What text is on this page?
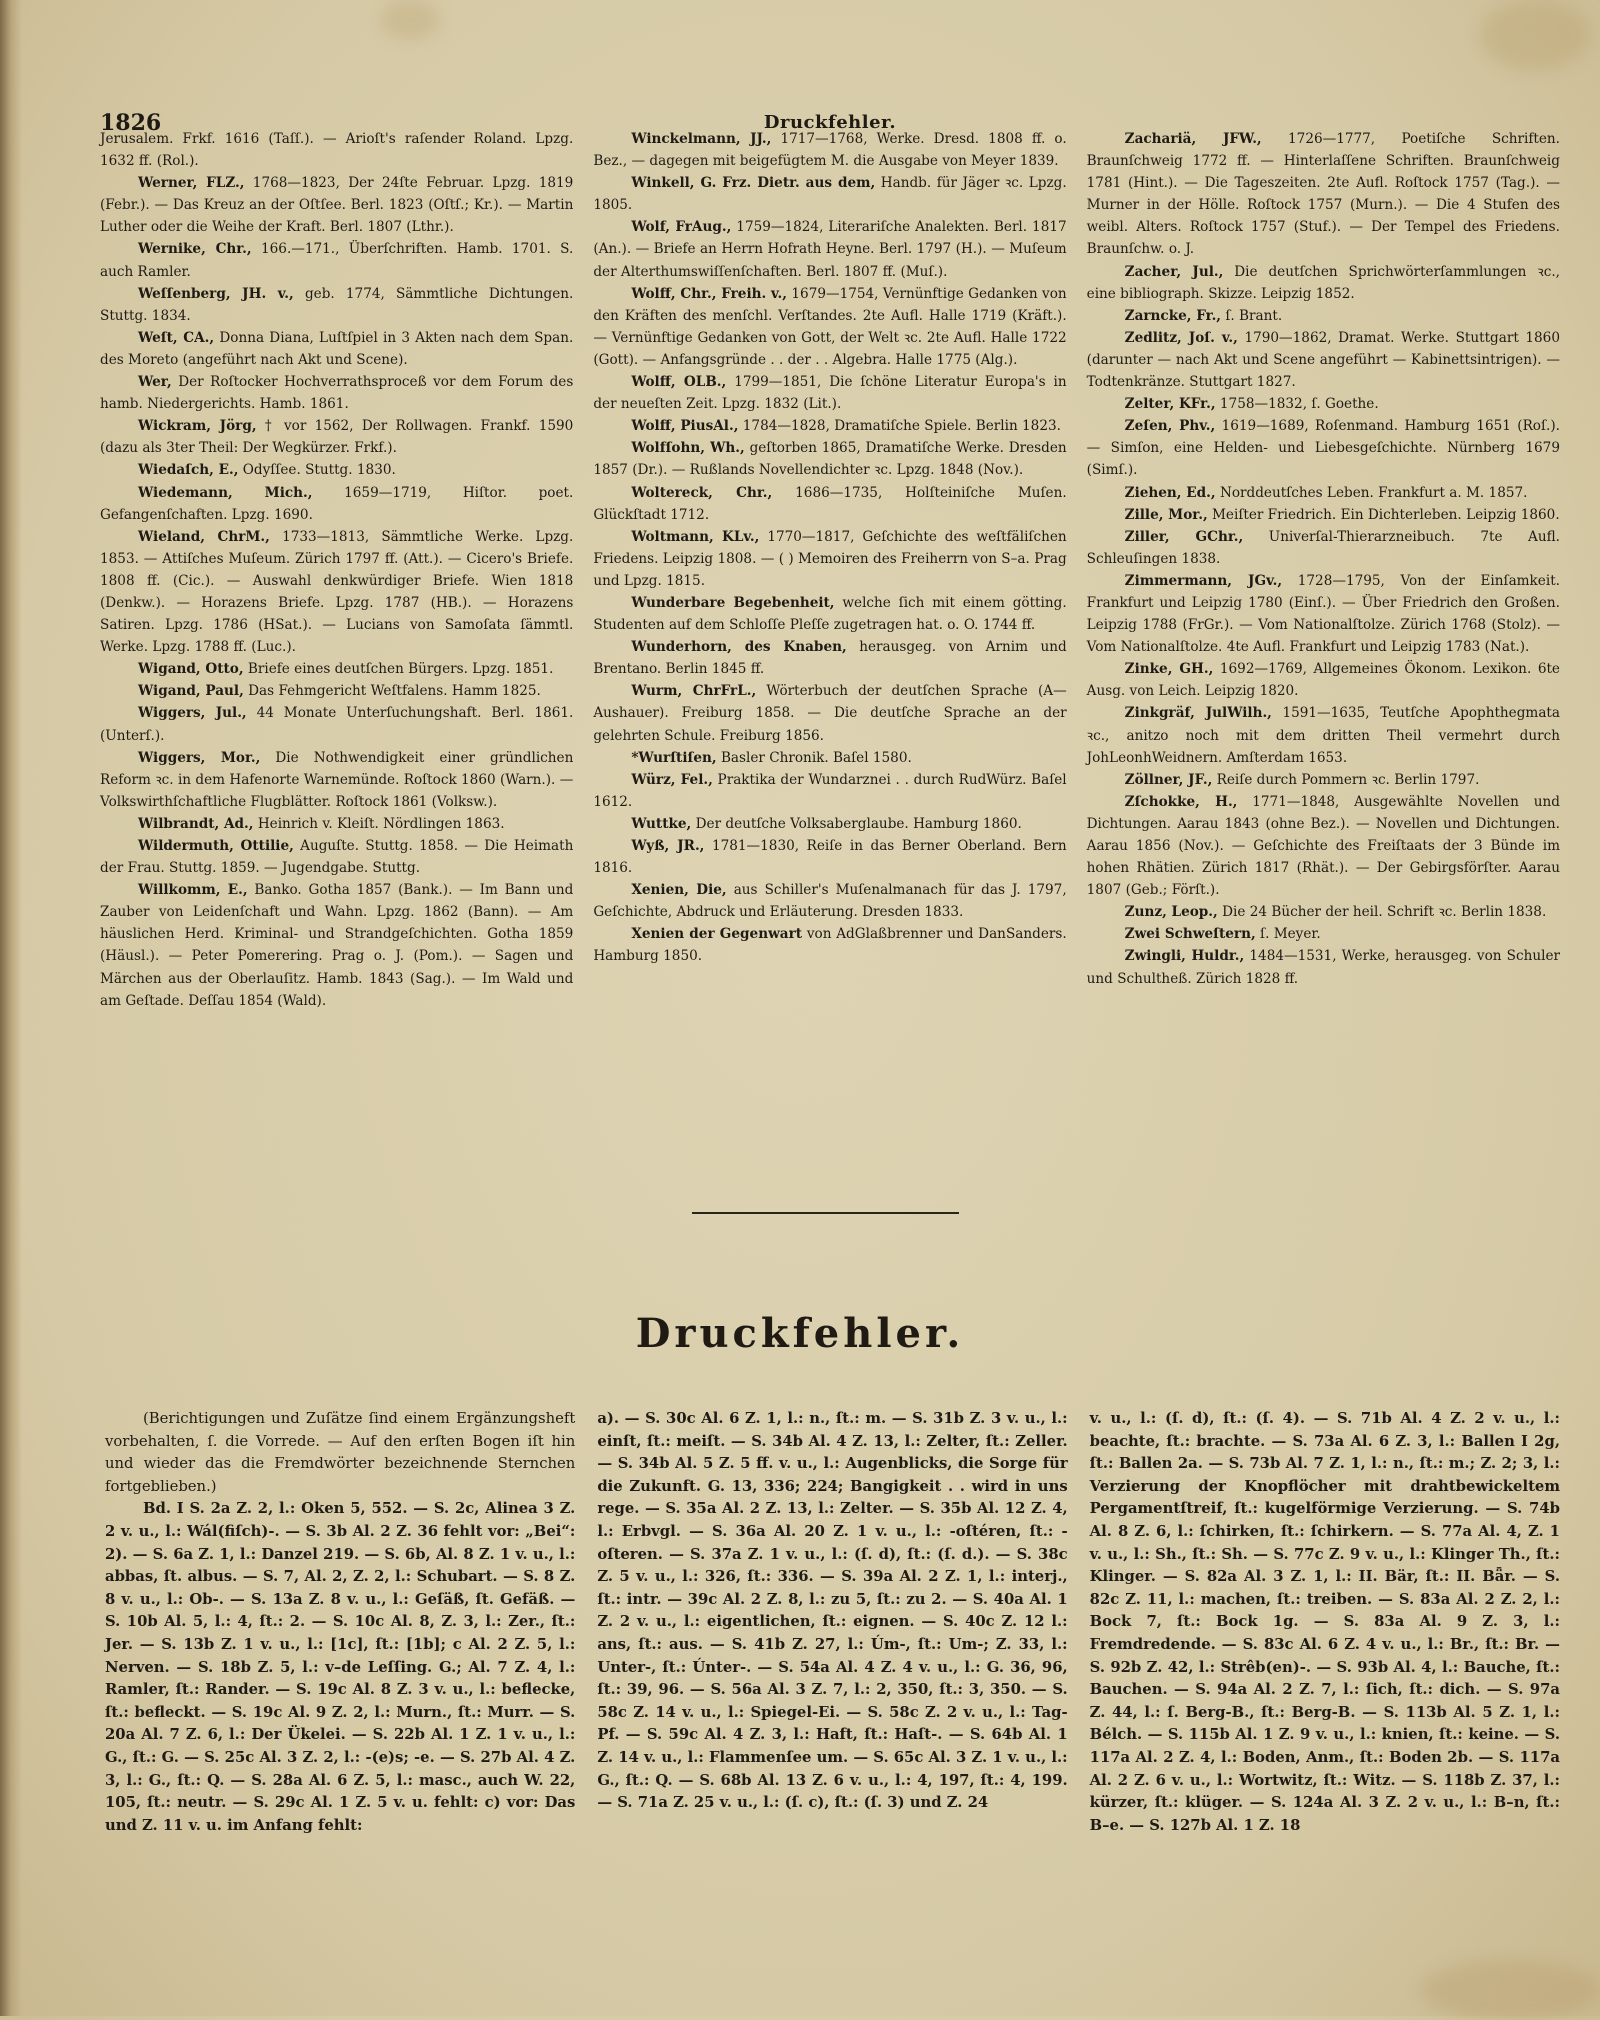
1826	Druckfehler.

Jerusalem. Frkf. 1616 (Taſſ.). — Arioſt's raſender Roland. Lpzg. 1632 ff. (Rol.).

Werner, FLZ., 1768—1823, Der 24ſte Februar. Lpzg. 1819 (Febr.). — Das Kreuz an der Oſtſee. Berl. 1823 (Oſtſ.; Kr.). — Martin Luther oder die Weihe der Kraft. Berl. 1807 (Lthr.).

Wernike, Chr., 166.—171., Überſchriften. Hamb. 1701. S. auch Ramler.

Weſſenberg, JH. v., geb. 1774, Sämmtliche Dichtungen. Stuttg. 1834.

Weſt, CA., Donna Diana, Luſtſpiel in 3 Akten nach dem Span. des Moreto (angeführt nach Akt und Scene).

Wer, Der Roſtocker Hochverrathsproceß vor dem Forum des hamb. Niedergerichts. Hamb. 1861.

Wickram, Jörg, † vor 1562, Der Rollwagen. Frankf. 1590 (dazu als 3ter Theil: Der Wegkürzer. Frkf.).

Wiedaſch, E., Odyſſee. Stuttg. 1830.

Wiedemann, Mich., 1659—1719, Hiſtor. poet. Gefangenſchaften. Lpzg. 1690.

Wieland, ChrM., 1733—1813, Sämmtliche Werke. Lpzg. 1853. — Attiſches Muſeum. Zürich 1797 ff. (Att.). — Cicero's Briefe. 1808 ff. (Cic.). — Auswahl denkwürdiger Briefe. Wien 1818 (Denkw.). — Horazens Briefe. Lpzg. 1787 (HB.). — Horazens Satiren. Lpzg. 1786 (HSat.). — Lucians von Samoſata ſämmtl. Werke. Lpzg. 1788 ff. (Luc.).

Wigand, Otto, Briefe eines deutſchen Bürgers. Lpzg. 1851.

Wigand, Paul, Das Fehmgericht Weſtfalens. Hamm 1825.

Wiggers, Jul., 44 Monate Unterſuchungshaft. Berl. 1861. (Unterſ.).

Wiggers, Mor., Die Nothwendigkeit einer gründlichen Reform ꝛc. in dem Hafenorte Warnemünde. Roſtock 1860 (Warn.). — Volkswirthſchaftliche Flugblätter. Roſtock 1861 (Volksw.).

Wilbrandt, Ad., Heinrich v. Kleiſt. Nördlingen 1863.

Wildermuth, Ottilie, Auguſte. Stuttg. 1858. — Die Heimath der Frau. Stuttg. 1859. — Jugendgabe. Stuttg.

Willkomm, E., Banko. Gotha 1857 (Bank.). — Im Bann und Zauber von Leidenſchaft und Wahn. Lpzg. 1862 (Bann). — Am häuslichen Herd. Kriminal- und Strandgeſchichten. Gotha 1859 (Häusl.). — Peter Pomerering. Prag o. J. (Pom.). — Sagen und Märchen aus der Oberlauſitz. Hamb. 1843 (Sag.). — Im Wald und am Geſtade. Deſſau 1854 (Wald).

Winckelmann, JJ., 1717—1768, Werke. Dresd. 1808 ff. o. Bez., — dagegen mit beigefügtem M. die Ausgabe von Meyer 1839.

Winkell, G. Frz. Dietr. aus dem, Handb. für Jäger ꝛc. Lpzg. 1805.

Wolf, FrAug., 1759—1824, Literariſche Analekten. Berl. 1817 (An.). — Briefe an Herrn Hofrath Heyne. Berl. 1797 (H.). — Muſeum der Alterthumswiſſenſchaften. Berl. 1807 ff. (Muſ.).

Wolff, Chr., Freih. v., 1679—1754, Vernünftige Gedanken von den Kräften des menſchl. Verſtandes. 2te Aufl. Halle 1719 (Kräft.). — Vernünftige Gedanken von Gott, der Welt ꝛc. 2te Aufl. Halle 1722 (Gott). — Anfangsgründe . . der . . Algebra. Halle 1775 (Alg.).

Wolff, OLB., 1799—1851, Die ſchöne Literatur Europa's in der neueſten Zeit. Lpzg. 1832 (Lit.).

Wolff, PiusAl., 1784—1828, Dramatiſche Spiele. Berlin 1823.

Wolfſohn, Wh., geſtorben 1865, Dramatiſche Werke. Dresden 1857 (Dr.). — Rußlands Novellendichter ꝛc. Lpzg. 1848 (Nov.).

Woltereck, Chr., 1686—1735, Holſteiniſche Muſen. Glückſtadt 1712.

Woltmann, KLv., 1770—1817, Geſchichte des weſtfäliſchen Friedens. Leipzig 1808. — ( ) Memoiren des Freiherrn von S–a. Prag und Lpzg. 1815.

Wunderbare Begebenheit, welche ſich mit einem götting. Studenten auf dem Schloſſe Pleſſe zugetragen hat. o. O. 1744 ff.

Wunderhorn, des Knaben, herausgeg. von Arnim und Brentano. Berlin 1845 ff.

Wurm, ChrFrL., Wörterbuch der deutſchen Sprache (A—Aushauer). Freiburg 1858. — Die deutſche Sprache an der gelehrten Schule. Freiburg 1856.

*Wurſtiſen, Basler Chronik. Baſel 1580.

Würz, Fel., Praktika der Wundarznei . . durch RudWürz. Baſel 1612.

Wuttke, Der deutſche Volksaberglaube. Hamburg 1860.

Wyß, JR., 1781—1830, Reiſe in das Berner Oberland. Bern 1816.

Xenien, Die, aus Schiller's Muſenalmanach für das J. 1797, Geſchichte, Abdruck und Erläuterung. Dresden 1833.

Xenien der Gegenwart von AdGlaßbrenner und DanSanders. Hamburg 1850.

Zachariä, JFW., 1726—1777, Poetiſche Schriften. Braunſchweig 1772 ff. — Hinterlaſſene Schriften. Braunſchweig 1781 (Hint.). — Die Tageszeiten. 2te Aufl. Roſtock 1757 (Tag.). — Murner in der Hölle. Roſtock 1757 (Murn.). — Die 4 Stufen des weibl. Alters. Roſtock 1757 (Stuf.). — Der Tempel des Friedens. Braunſchw. o. J.

Zacher, Jul., Die deutſchen Sprichwörterſammlungen ꝛc., eine bibliograph. Skizze. Leipzig 1852.

Zarncke, Fr., ſ. Brant.

Zedlitz, Joſ. v., 1790—1862, Dramat. Werke. Stuttgart 1860 (darunter — nach Akt und Scene angeführt — Kabinettsintrigen). — Todtenkränze. Stuttgart 1827.

Zelter, KFr., 1758—1832, ſ. Goethe.

Zeſen, Phv., 1619—1689, Roſenmand. Hamburg 1651 (Roſ.). — Simſon, eine Helden- und Liebesgeſchichte. Nürnberg 1679 (Simſ.).

Ziehen, Ed., Norddeutſches Leben. Frankfurt a. M. 1857.

Zille, Mor., Meiſter Friedrich. Ein Dichterleben. Leipzig 1860.

Ziller, GChr., Univerſal-Thierarzneibuch. 7te Aufl. Schleuſingen 1838.

Zimmermann, JGv., 1728—1795, Von der Einſamkeit. Frankfurt und Leipzig 1780 (Einſ.). — Über Friedrich den Großen. Leipzig 1788 (FrGr.). — Vom Nationalſtolze. Zürich 1768 (Stolz). — Vom Nationalſtolze. 4te Aufl. Frankfurt und Leipzig 1783 (Nat.).

Zinke, GH., 1692—1769, Allgemeines Ökonom. Lexikon. 6te Ausg. von Leich. Leipzig 1820.

Zinkgräf, JulWilh., 1591—1635, Teutſche Apophthegmata ꝛc., anitzo noch mit dem dritten Theil vermehrt durch JohLeonhWeidnern. Amſterdam 1653.

Zöllner, JF., Reiſe durch Pommern ꝛc. Berlin 1797.

Zſchokke, H., 1771—1848, Ausgewählte Novellen und Dichtungen. Aarau 1843 (ohne Bez.). — Novellen und Dichtungen. Aarau 1856 (Nov.). — Geſchichte des Freiſtaats der 3 Bünde im hohen Rhätien. Zürich 1817 (Rhät.). — Der Gebirgsförſter. Aarau 1807 (Geb.; Förſt.).

Zunz, Leop., Die 24 Bücher der heil. Schrift ꝛc. Berlin 1838.

Zwei Schweſtern, ſ. Meyer.

Zwingli, Huldr., 1484—1531, Werke, herausgeg. von Schuler und Schultheß. Zürich 1828 ff.

Druckfehler.

(Berichtigungen und Zuſätze ſind einem Ergänzungsheft vorbehalten, ſ. die Vorrede. — Auf den erſten Bogen iſt hin und wieder das die Fremdwörter bezeichnende Sternchen fortgeblieben.)

Bd. I S. 2a Z. 2, l.: Oken 5, 552. — S. 2c, Alinea 3 Z. 2 v. u., l.: Wál(fiſch)-. — S. 3b Al. 2 Z. 36 fehlt vor: „Bei“: 2). — S. 6a Z. 1, l.: Danzel 219. — S. 6b, Al. 8 Z. 1 v. u., l.: abbas, ſt. albus. — S. 7, Al. 2, Z. 2, l.: Schubart. — S. 8 Z. 8 v. u., l.: Ob-. — S. 13a Z. 8 v. u., l.: Geſäß, ſt. Gefäß. — S. 10b Al. 5, l.: 4, ſt.: 2. — S. 10c Al. 8, Z. 3, l.: Zer., ſt.: Jer. — S. 13b Z. 1 v. u., l.: [1c], ſt.: [1b]; c Al. 2 Z. 5, l.: Nerven. — S. 18b Z. 5, l.: v–de Leſſing. G.; Al. 7 Z. 4, l.: Ramler, ſt.: Rander. — S. 19c Al. 8 Z. 3 v. u., l.: beflecke, ſt.: befleckt. — S. 19c Al. 9 Z. 2, l.: Murn., ſt.: Murr. — S. 20a Al. 7 Z. 6, l.: Der Ükelei. — S. 22b Al. 1 Z. 1 v. u., l.: G., ſt.: G. — S. 25c Al. 3 Z. 2, l.: -(e)s; -e. — S. 27b Al. 4 Z. 3, l.: G., ſt.: Q. — S. 28a Al. 6 Z. 5, l.: masc., auch W. 22, 105, ſt.: neutr. — S. 29c Al. 1 Z. 5 v. u. fehlt: c) vor: Das und Z. 11 v. u. im Anfang fehlt:

a). — S. 30c Al. 6 Z. 1, l.: n., ſt.: m. — S. 31b Z. 3 v. u., l.: einſt, ſt.: meiſt. — S. 34b Al. 4 Z. 13, l.: Zelter, ſt.: Zeller. — S. 34b Al. 5 Z. 5 ff. v. u., l.: Augenblicks, die Sorge für die Zukunft. G. 13, 336; 224; Bangigkeit . . wird in uns rege. — S. 35a Al. 2 Z. 13, l.: Zelter. — S. 35b Al. 12 Z. 4, l.: Erbvgl. — S. 36a Al. 20 Z. 1 v. u., l.: -oſtéren, ſt.: -oſteren. — S. 37a Z. 1 v. u., l.: (ſ. d), ſt.: (ſ. d.). — S. 38c Z. 5 v. u., l.: 326, ſt.: 336. — S. 39a Al. 2 Z. 1, l.: interj., ſt.: intr. — 39c Al. 2 Z. 8, l.: zu 5, ſt.: zu 2. — S. 40a Al. 1 Z. 2 v. u., l.: eigentlichen, ſt.: eignen. — S. 40c Z. 12 l.: ans, ſt.: aus. — S. 41b Z. 27, l.: Úm-, ſt.: Um-; Z. 33, l.: Unter-, ſt.: Únter-. — S. 54a Al. 4 Z. 4 v. u., l.: G. 36, 96, ſt.: 39, 96. — S. 56a Al. 3 Z. 7, l.: 2, 350, ſt.: 3, 350. — S. 58c Z. 14 v. u., l.: Spiegel-Ei. — S. 58c Z. 2 v. u., l.: Tag-Pf. — S. 59c Al. 4 Z. 3, l.: Haft, ſt.: Haſt-. — S. 64b Al. 1 Z. 14 v. u., l.: Flammenſee um. — S. 65c Al. 3 Z. 1 v. u., l.: G., ſt.: Q. — S. 68b Al. 13 Z. 6 v. u., l.: 4, 197, ſt.: 4, 199. — S. 71a Z. 25 v. u., l.: (ſ. c), ſt.: (ſ. 3) und Z. 24

v. u., l.: (ſ. d), ſt.: (ſ. 4). — S. 71b Al. 4 Z. 2 v. u., l.: beachte, ſt.: brachte. — S. 73a Al. 6 Z. 3, l.: Ballen I 2g, ſt.: Ballen 2a. — S. 73b Al. 7 Z. 1, l.: n., ſt.: m.; Z. 2; 3, l.: Verzierung der Knopflöcher mit drahtbewickeltem Pergamentſtreif, ſt.: kugelförmige Verzierung. — S. 74b Al. 8 Z. 6, l.: ſchirken, ſt.: ſchirkern. — S. 77a Al. 4, Z. 1 v. u., l.: Sh., ſt.: Sh. — S. 77c Z. 9 v. u., l.: Klinger Th., ſt.: Klinger. — S. 82a Al. 3 Z. 1, l.: II. Bär, ſt.: II. Bǟr. — S. 82c Z. 11, l.: machen, ſt.: treiben. — S. 83a Al. 2 Z. 2, l.: Bock 7, ſt.: Bock 1g. — S. 83a Al. 9 Z. 3, l.: Fremdredende. — S. 83c Al. 6 Z. 4 v. u., l.: Br., ſt.: Br. — S. 92b Z. 42, l.: Strêb(en)-. — S. 93b Al. 4, l.: Bauche, ſt.: Bauchen. — S. 94a Al. 2 Z. 7, l.: ſich, ſt.: dich. — S. 97a Z. 44, l.: ſ. Berg-B., ſt.: Berg-B. — S. 113b Al. 5 Z. 1, l.: Bélch. — S. 115b Al. 1 Z. 9 v. u., l.: knien, ſt.: keine. — S. 117a Al. 2 Z. 4, l.: Boden, Anm., ſt.: Boden 2b. — S. 117a Al. 2 Z. 6 v. u., l.: Wortwitz, ſt.: Witz. — S. 118b Z. 37, l.: kürzer, ſt.: klüger. — S. 124a Al. 3 Z. 2 v. u., l.: B–n, ſt.: B–e. — S. 127b Al. 1 Z. 18
